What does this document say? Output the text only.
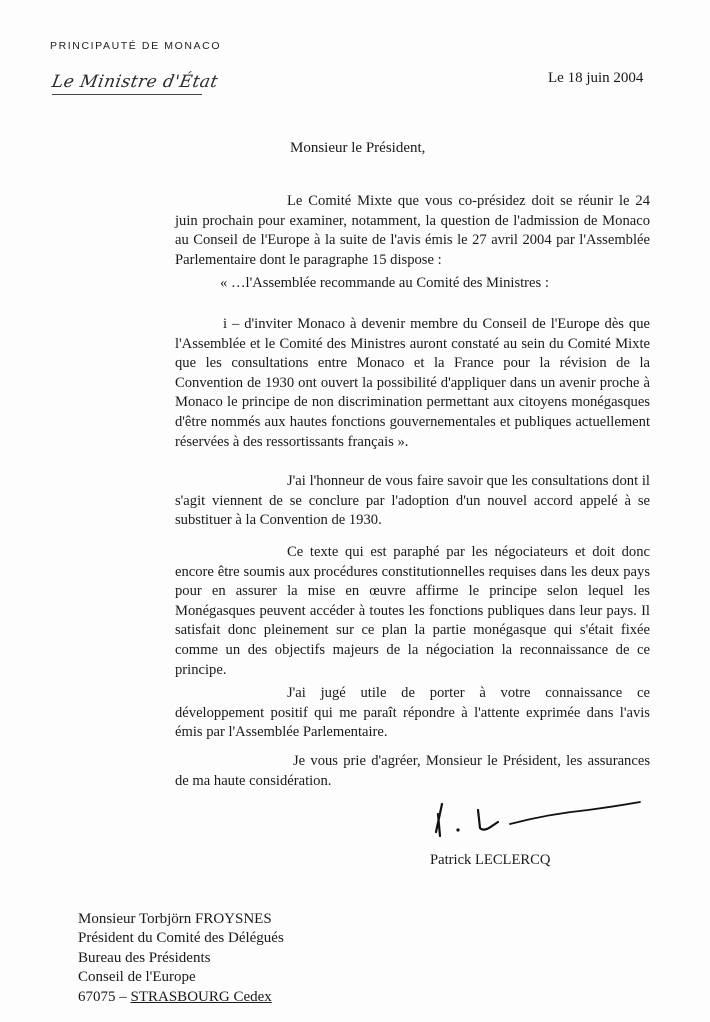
PRINCIPAUTÉ DE MONACO
Le Ministre d'État	Le 18 juin 2004
Monsieur le Président,

Le Comité Mixte que vous co-présidez doit se réunir le 24 juin prochain pour examiner, notamment, la question de l'admission de Monaco au Conseil de l'Europe à la suite de l'avis émis le 27 avril 2004 par l'Assemblée Parlementaire dont le paragraphe 15 dispose :

« …l'Assemblée recommande au Comité des Ministres :

i – d'inviter Monaco à devenir membre du Conseil de l'Europe dès que l'Assemblée et le Comité des Ministres auront constaté au sein du Comité Mixte que les consultations entre Monaco et la France pour la révision de la Convention de 1930 ont ouvert la possibilité d'appliquer dans un avenir proche à Monaco le principe de non discrimination permettant aux citoyens monégasques d'être nommés aux hautes fonctions gouvernementales et publiques actuellement réservées à des ressortissants français ».

J'ai l'honneur de vous faire savoir que les consultations dont il s'agit viennent de se conclure par l'adoption d'un nouvel accord appelé à se substituer à la Convention de 1930.

Ce texte qui est paraphé par les négociateurs et doit donc encore être soumis aux procédures constitutionnelles requises dans les deux pays pour en assurer la mise en œuvre affirme le principe selon lequel les Monégasques peuvent accéder à toutes les fonctions publiques dans leur pays. Il satisfait donc pleinement sur ce plan la partie monégasque qui s'était fixée comme un des objectifs majeurs de la négociation la reconnaissance de ce principe.

J'ai jugé utile de porter à votre connaissance ce développement positif qui me paraît répondre à l'attente exprimée dans l'avis émis par l'Assemblée Parlementaire.

Je vous prie d'agréer, Monsieur le Président, les assurances de ma haute considération.

Patrick LECLERCQ
Monsieur Torbjörn FROYSNES
Président du Comité des Délégués
Bureau des Présidents
Conseil de l'Europe
67075 – STRASBOURG Cedex
